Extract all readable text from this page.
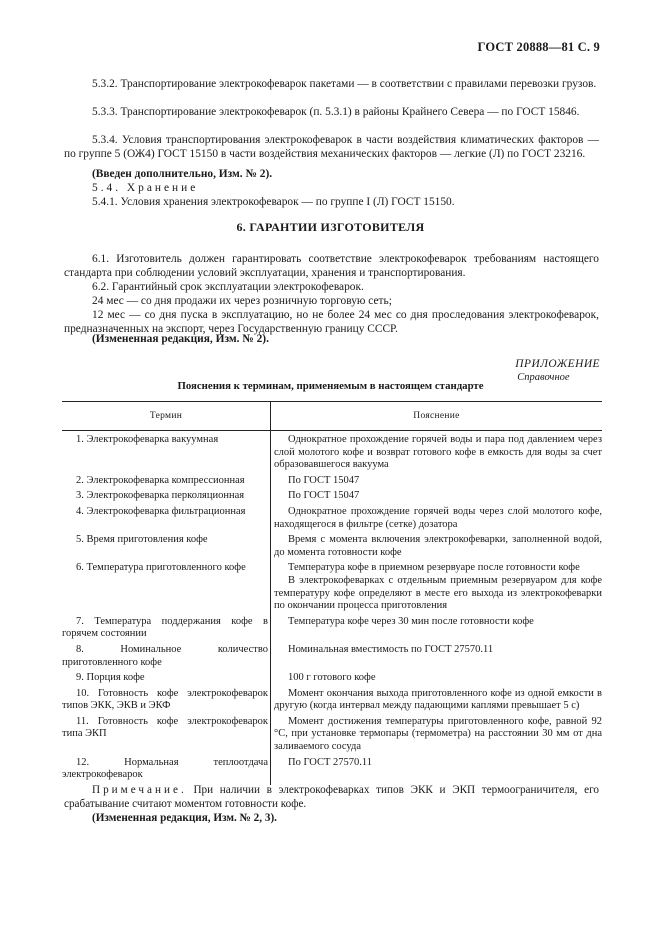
ГОСТ 20888—81 С. 9

5.3.2. Транспортирование электрокофеварок пакетами — в соответствии с правилами перевозки грузов.

5.3.3. Транспортирование электрокофеварок (п. 5.3.1) в районы Крайнего Севера — по ГОСТ 15846.

5.3.4. Условия транспортирования электрокофеварок в части воздействия климатических факторов — по группе 5 (ОЖ4) ГОСТ 15150 в части воздействия механических факторов — легкие (Л) по ГОСТ 23216.

(Введен дополнительно, Изм. № 2).

5.4. Хранение

5.4.1. Условия хранения электрокофеварок — по группе I (Л) ГОСТ 15150.

6. ГАРАНТИИ ИЗГОТОВИТЕЛЯ

6.1. Изготовитель должен гарантировать соответствие электрокофеварок требованиям настоящего стандарта при соблюдении условий эксплуатации, хранения и транспортирования.

6.2. Гарантийный срок эксплуатации электрокофеварок.

24 мес — со дня продажи их через розничную торговую сеть;

12 мес — со дня пуска в эксплуатацию, но не более 24 мес со дня проследования электрокофеварок, предназначенных на экспорт, через Государственную границу СССР.

(Измененная редакция, Изм. № 2).

ПРИЛОЖЕНИЕ
Справочное
Пояснения к терминам, применяемым в настоящем стандарте
Термин	Пояснение

1. Электрокофеварка вакуумная	Однократное прохождение горячей воды и пара под давлением через слой молотого кофе и возврат готового кофе в емкость для воды за счет образовавшегося вакуума

2. Электрокофеварка компрессионная	По ГОСТ 15047

3. Электрокофеварка перколяционная	По ГОСТ 15047

4. Электрокофеварка фильтрационная	Однократное прохождение горячей воды через слой молотого кофе, находящегося в фильтре (сетке) дозатора

5. Время приготовления кофе	Время с момента включения электрокофеварки, заполненной водой, до момента готовности кофе

6. Температура приготовленного кофе	Температура кофе в приемном резервуаре после готовности кофе
В электрокофеварках с отдельным приемным резервуаром для кофе температуру кофе определяют в месте его выхода из электрокофеварки по окончании процесса приготовления

7. Температура поддержания кофе в горячем состоянии	Температура кофе через 30 мин после готовности кофе

8. Номинальное количество приготовленного кофе	Номинальная вместимость по ГОСТ 27570.11

9. Порция кофе	100 г готового кофе

10. Готовность кофе электрокофеварок типов ЭКК, ЭКВ и ЭКФ	Момент окончания выхода приготовленного кофе из одной емкости в другую (когда интервал между падающими каплями превышает 5 с)

11. Готовность кофе электрокофеварок типа ЭКП	Момент достижения температуры приготовленного кофе, равной 92 °С, при установке термопары (термометра) на расстоянии 30 мм от дна заливаемого сосуда

12. Нормальная теплоотдача электрокофеварок	По ГОСТ 27570.11

Примечание. При наличии в электрокофеварках типов ЭКК и ЭКП термоограничителя, его срабатывание считают моментом готовности кофе.

(Измененная редакция, Изм. № 2, 3).
